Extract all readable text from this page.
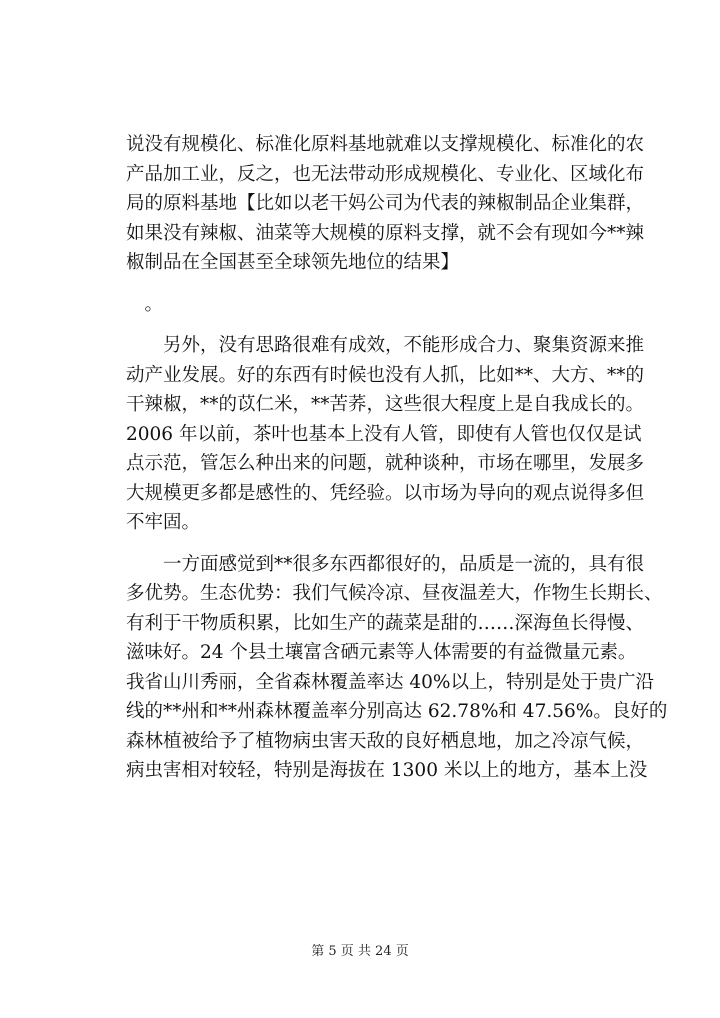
说没有规模化、标准化原料基地就难以支撑规模化、标准化的农
产品加工业，反之，也无法带动形成规模化、专业化、区域化布
局的原料基地【比如以老干妈公司为代表的辣椒制品企业集群，
如果没有辣椒、油菜等大规模的原料支撑，就不会有现如今**辣
椒制品在全国甚至全球领先地位的结果】
　。
　　另外，没有思路很难有成效，不能形成合力、聚集资源来推
动产业发展。好的东西有时候也没有人抓，比如**、大方、**的
干辣椒，**的苡仁米，**苦荞，这些很大程度上是自我成长的。
2006 年以前，茶叶也基本上没有人管，即使有人管也仅仅是试
点示范，管怎么种出来的问题，就种谈种，市场在哪里，发展多
大规模更多都是感性的、凭经验。以市场为导向的观点说得多但
不牢固。
　　一方面感觉到**很多东西都很好的，品质是一流的，具有很
多优势。生态优势：我们气候冷凉、昼夜温差大，作物生长期长、
有利于干物质积累，比如生产的蔬菜是甜的……深海鱼长得慢、
滋味好。24 个县土壤富含硒元素等人体需要的有益微量元素。
我省山川秀丽，全省森林覆盖率达 40%以上，特别是处于贵广沿
线的**州和**州森林覆盖率分别高达 62.78%和 47.56%。良好的
森林植被给予了植物病虫害天敌的良好栖息地，加之冷凉气候，
病虫害相对较轻，特别是海拔在 1300 米以上的地方，基本上没
第 5 页 共 24 页
